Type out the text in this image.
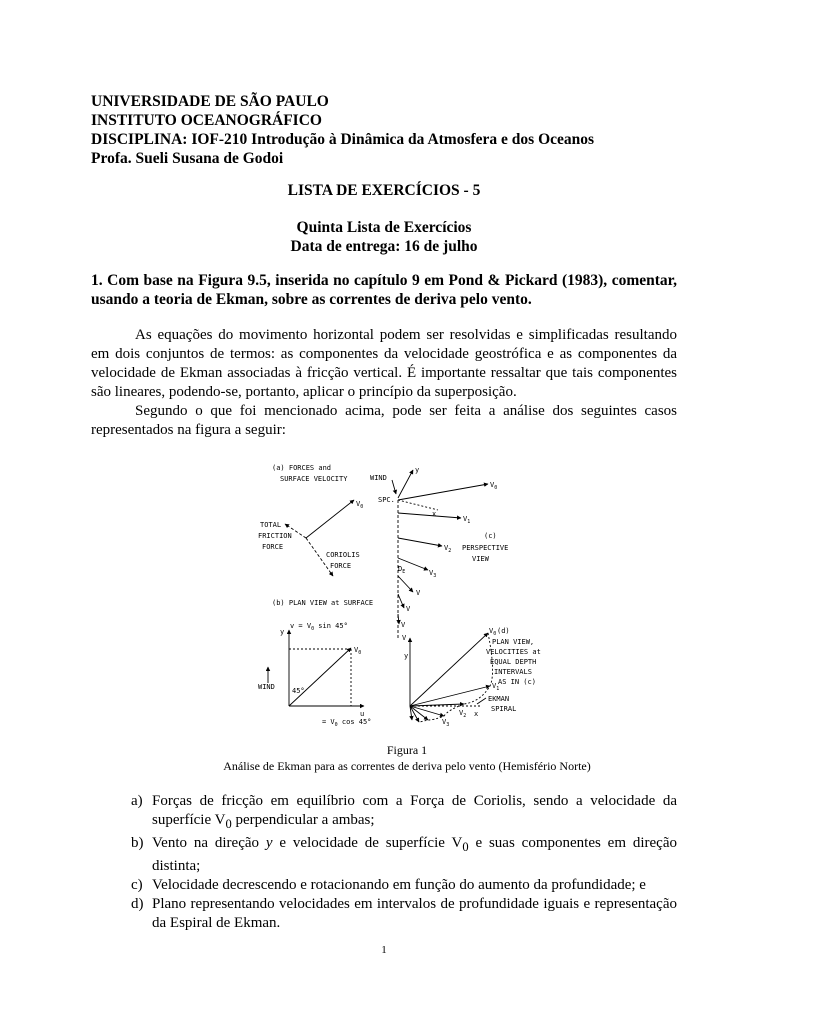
UNIVERSIDADE DE SÃO PAULO
INSTITUTO OCEANOGRÁFICO
DISCIPLINA: IOF-210 Introdução à Dinâmica da Atmosfera e dos Oceanos
Profa. Sueli Susana de Godoi
LISTA DE EXERCÍCIOS - 5
Quinta Lista de Exercícios
Data de entrega: 16 de julho
1. Com base na Figura 9.5, inserida no capítulo 9 em Pond & Pickard (1983), comentar, usando a teoria de Ekman, sobre as correntes de deriva pelo vento.
As equações do movimento horizontal podem ser resolvidas e simplificadas resultando em dois conjuntos de termos: as componentes da velocidade geostrófica e as componentes da velocidade de Ekman associadas à fricção vertical. É importante ressaltar que tais componentes são lineares, podendo-se, portanto, aplicar o princípio da superposição.
Segundo o que foi mencionado acima, pode ser feita a análise dos seguintes casos representados na figura a seguir:
(a) FORCES and
SURFACE VELOCITY
$V_0$
TOTAL
FRICTION
FORCE
CORIOLIS
FORCE
(b) PLAN VIEW at SURFACE
$v = V_0$ sin 45°
$V_0$
y
WIND 45°
u
= $V_0$ cos 45°
WIND
y
SPC.
$V_0$
x
$V_1$
(c)
PERSPECTIVE
VIEW
$V_2$
$V_3$
$D_E$
V
V
V
V
y
$V_0$
$V_1$
$V_2$
$V_3$
x
EKMAN
SPIRAL
(d)
PLAN VIEW,
VELOCITIES at
EQUAL DEPTH
INTERVALS
AS IN (c)
Figura 1
Análise de Ekman para as correntes de deriva pelo vento (Hemisfério Norte)
a) Forças de fricção em equilíbrio com a Força de Coriolis, sendo a velocidade da superfície $V_0$ perpendicular a ambas;
b) Vento na direção y e velocidade de superfície $V_0$ e suas componentes em direção distinta;
c) Velocidade decrescendo e rotacionando em função do aumento da profundidade; e
d) Plano representando velocidades em intervalos de profundidade iguais e representação da Espiral de Ekman.
1
